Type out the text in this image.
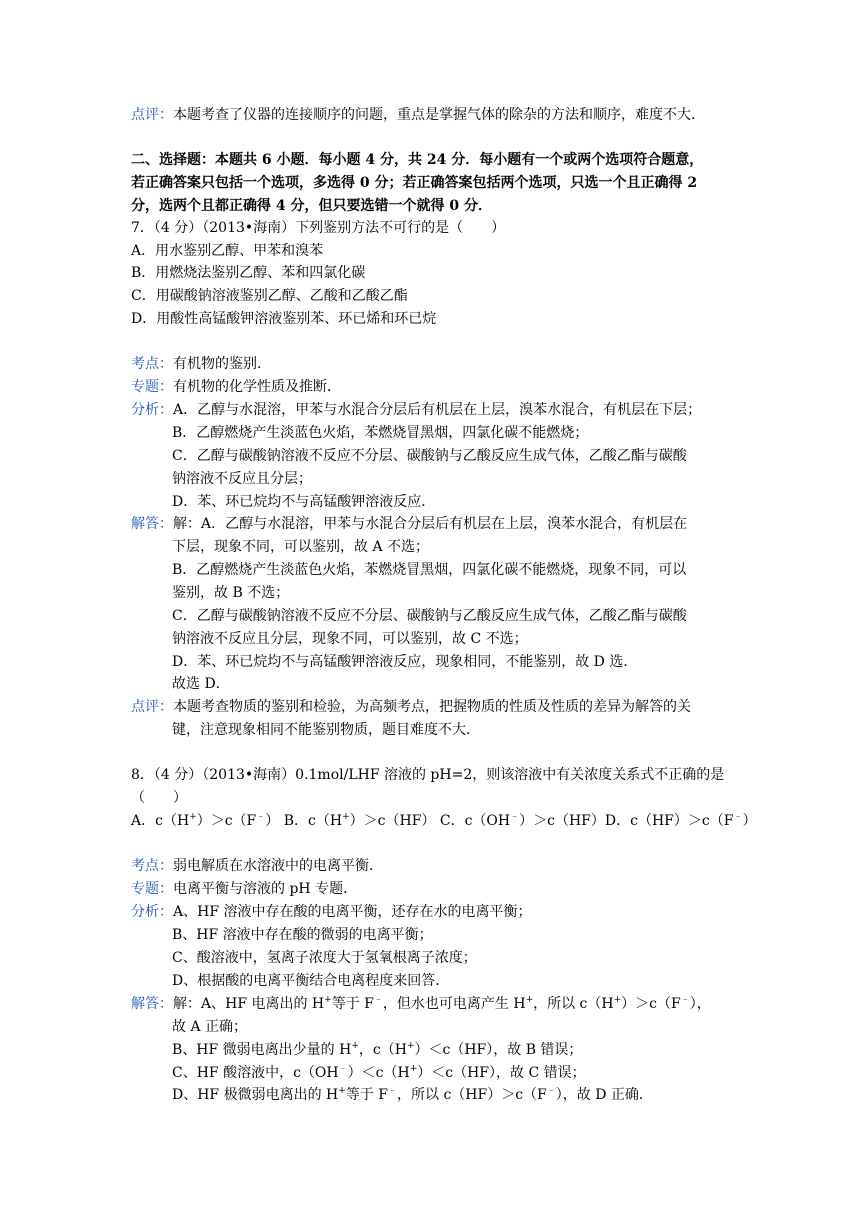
点评：本题考查了仪器的连接顺序的问题，重点是掌握气体的除杂的方法和顺序，难度不大．
二、选择题：本题共 6 小题．每小题 4 分，共 24 分．每小题有一个或两个选项符合题意，
若正确答案只包括一个选项，多选得 0 分；若正确答案包括两个选项，只选一个且正确得 2
分，选两个且都正确得 4 分，但只要选错一个就得 0 分．
7．（4 分）（2013•海南）下列鉴别方法不可行的是（　　）
A．用水鉴别乙醇、甲苯和溴苯
B．用燃烧法鉴别乙醇、苯和四氯化碳
C．用碳酸钠溶液鉴别乙醇、乙酸和乙酸乙酯
D．用酸性高锰酸钾溶液鉴别苯、环已烯和环已烷
考点：有机物的鉴别．
专题：有机物的化学性质及推断．
分析：A．乙醇与水混溶，甲苯与水混合分层后有机层在上层，溴苯水混合，有机层在下层；
B．乙醇燃烧产生淡蓝色火焰，苯燃烧冒黑烟，四氯化碳不能燃烧；
C．乙醇与碳酸钠溶液不反应不分层、碳酸钠与乙酸反应生成气体，乙酸乙酯与碳酸
钠溶液不反应且分层；
D．苯、环已烷均不与高锰酸钾溶液反应．
解答：解：A．乙醇与水混溶，甲苯与水混合分层后有机层在上层，溴苯水混合，有机层在
下层，现象不同，可以鉴别，故 A 不选；
B．乙醇燃烧产生淡蓝色火焰，苯燃烧冒黑烟，四氯化碳不能燃烧，现象不同，可以
鉴别，故 B 不选；
C．乙醇与碳酸钠溶液不反应不分层、碳酸钠与乙酸反应生成气体，乙酸乙酯与碳酸
钠溶液不反应且分层，现象不同，可以鉴别，故 C 不选；
D．苯、环已烷均不与高锰酸钾溶液反应，现象相同，不能鉴别，故 D 选．
故选 D．
点评：本题考查物质的鉴别和检验，为高频考点，把握物质的性质及性质的差异为解答的关
键，注意现象相同不能鉴别物质，题目难度不大．
8．（4 分）（2013•海南）0.1mol/LHF 溶液的 pH=2，则该溶液中有关浓度关系式不正确的是
（　　）
A．c（H+）＞c（F﹣） B．c（H+）＞c（HF） C．c（OH﹣）＞c（HF）D．c（HF）＞c（F﹣）
考点：弱电解质在水溶液中的电离平衡．
专题：电离平衡与溶液的 pH 专题．
分析：A、HF 溶液中存在酸的电离平衡，还存在水的电离平衡；
B、HF 溶液中存在酸的微弱的电离平衡；
C、酸溶液中，氢离子浓度大于氢氧根离子浓度；
D、根据酸的电离平衡结合电离程度来回答．
解答：解：A、HF 电离出的 H+等于 F﹣，但水也可电离产生 H+，所以 c（H+）＞c（F﹣），
故 A 正确；
B、HF 微弱电离出少量的 H+，c（H+）＜c（HF），故 B 错误；
C、HF 酸溶液中，c（OH﹣）＜c（H+）＜c（HF），故 C 错误；
D、HF 极微弱电离出的 H+等于 F﹣，所以 c（HF）＞c（F﹣），故 D 正确．
